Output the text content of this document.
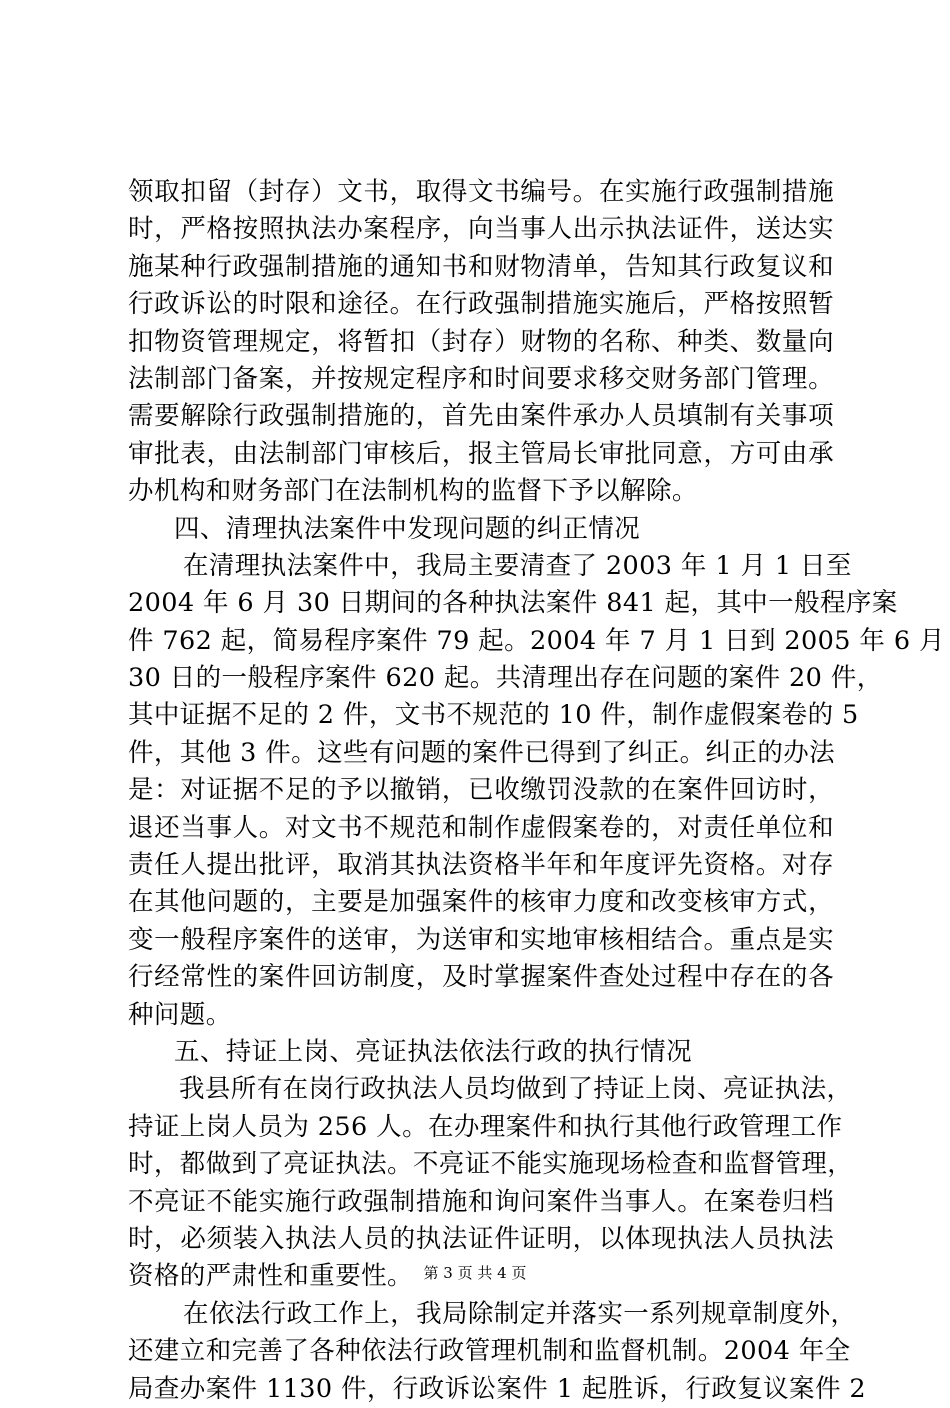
领取扣留（封存）文书，取得文书编号。在实施行政强制措施
时，严格按照执法办案程序，向当事人出示执法证件，送达实
施某种行政强制措施的通知书和财物清单，告知其行政复议和
行政诉讼的时限和途径。在行政强制措施实施后，严格按照暂
扣物资管理规定，将暂扣（封存）财物的名称、种类、数量向
法制部门备案，并按规定程序和时间要求移交财务部门管理。
需要解除行政强制措施的，首先由案件承办人员填制有关事项
审批表，由法制部门审核后，报主管局长审批同意，方可由承
办机构和财务部门在法制机构的监督下予以解除。
四、清理执法案件中发现问题的纠正情况
在清理执法案件中，我局主要清查了 2003 年 1 月 1 日至
2004 年 6 月 30 日期间的各种执法案件 841 起，其中一般程序案
件 762 起，简易程序案件 79 起。2004 年 7 月 1 日到 2005 年 6 月
30 日的一般程序案件 620 起。共清理出存在问题的案件 20 件，
其中证据不足的 2 件，文书不规范的 10 件，制作虚假案卷的 5
件，其他 3 件。这些有问题的案件已得到了纠正。纠正的办法
是：对证据不足的予以撤销，已收缴罚没款的在案件回访时，
退还当事人。对文书不规范和制作虚假案卷的，对责任单位和
责任人提出批评，取消其执法资格半年和年度评先资格。对存
在其他问题的，主要是加强案件的核审力度和改变核审方式，
变一般程序案件的送审，为送审和实地审核相结合。重点是实
行经常性的案件回访制度，及时掌握案件查处过程中存在的各
种问题。
五、持证上岗、亮证执法依法行政的执行情况
我县所有在岗行政执法人员均做到了持证上岗、亮证执法，
持证上岗人员为 256 人。在办理案件和执行其他行政管理工作
时，都做到了亮证执法。不亮证不能实施现场检查和监督管理，
不亮证不能实施行政强制措施和询问案件当事人。在案卷归档
时，必须装入执法人员的执法证件证明，以体现执法人员执法
资格的严肃性和重要性。
在依法行政工作上，我局除制定并落实一系列规章制度外，
还建立和完善了各种依法行政管理机制和监督机制。2004 年全
局查办案件 1130 件，行政诉讼案件 1 起胜诉，行政复议案件 2
第 3 页 共 4 页
